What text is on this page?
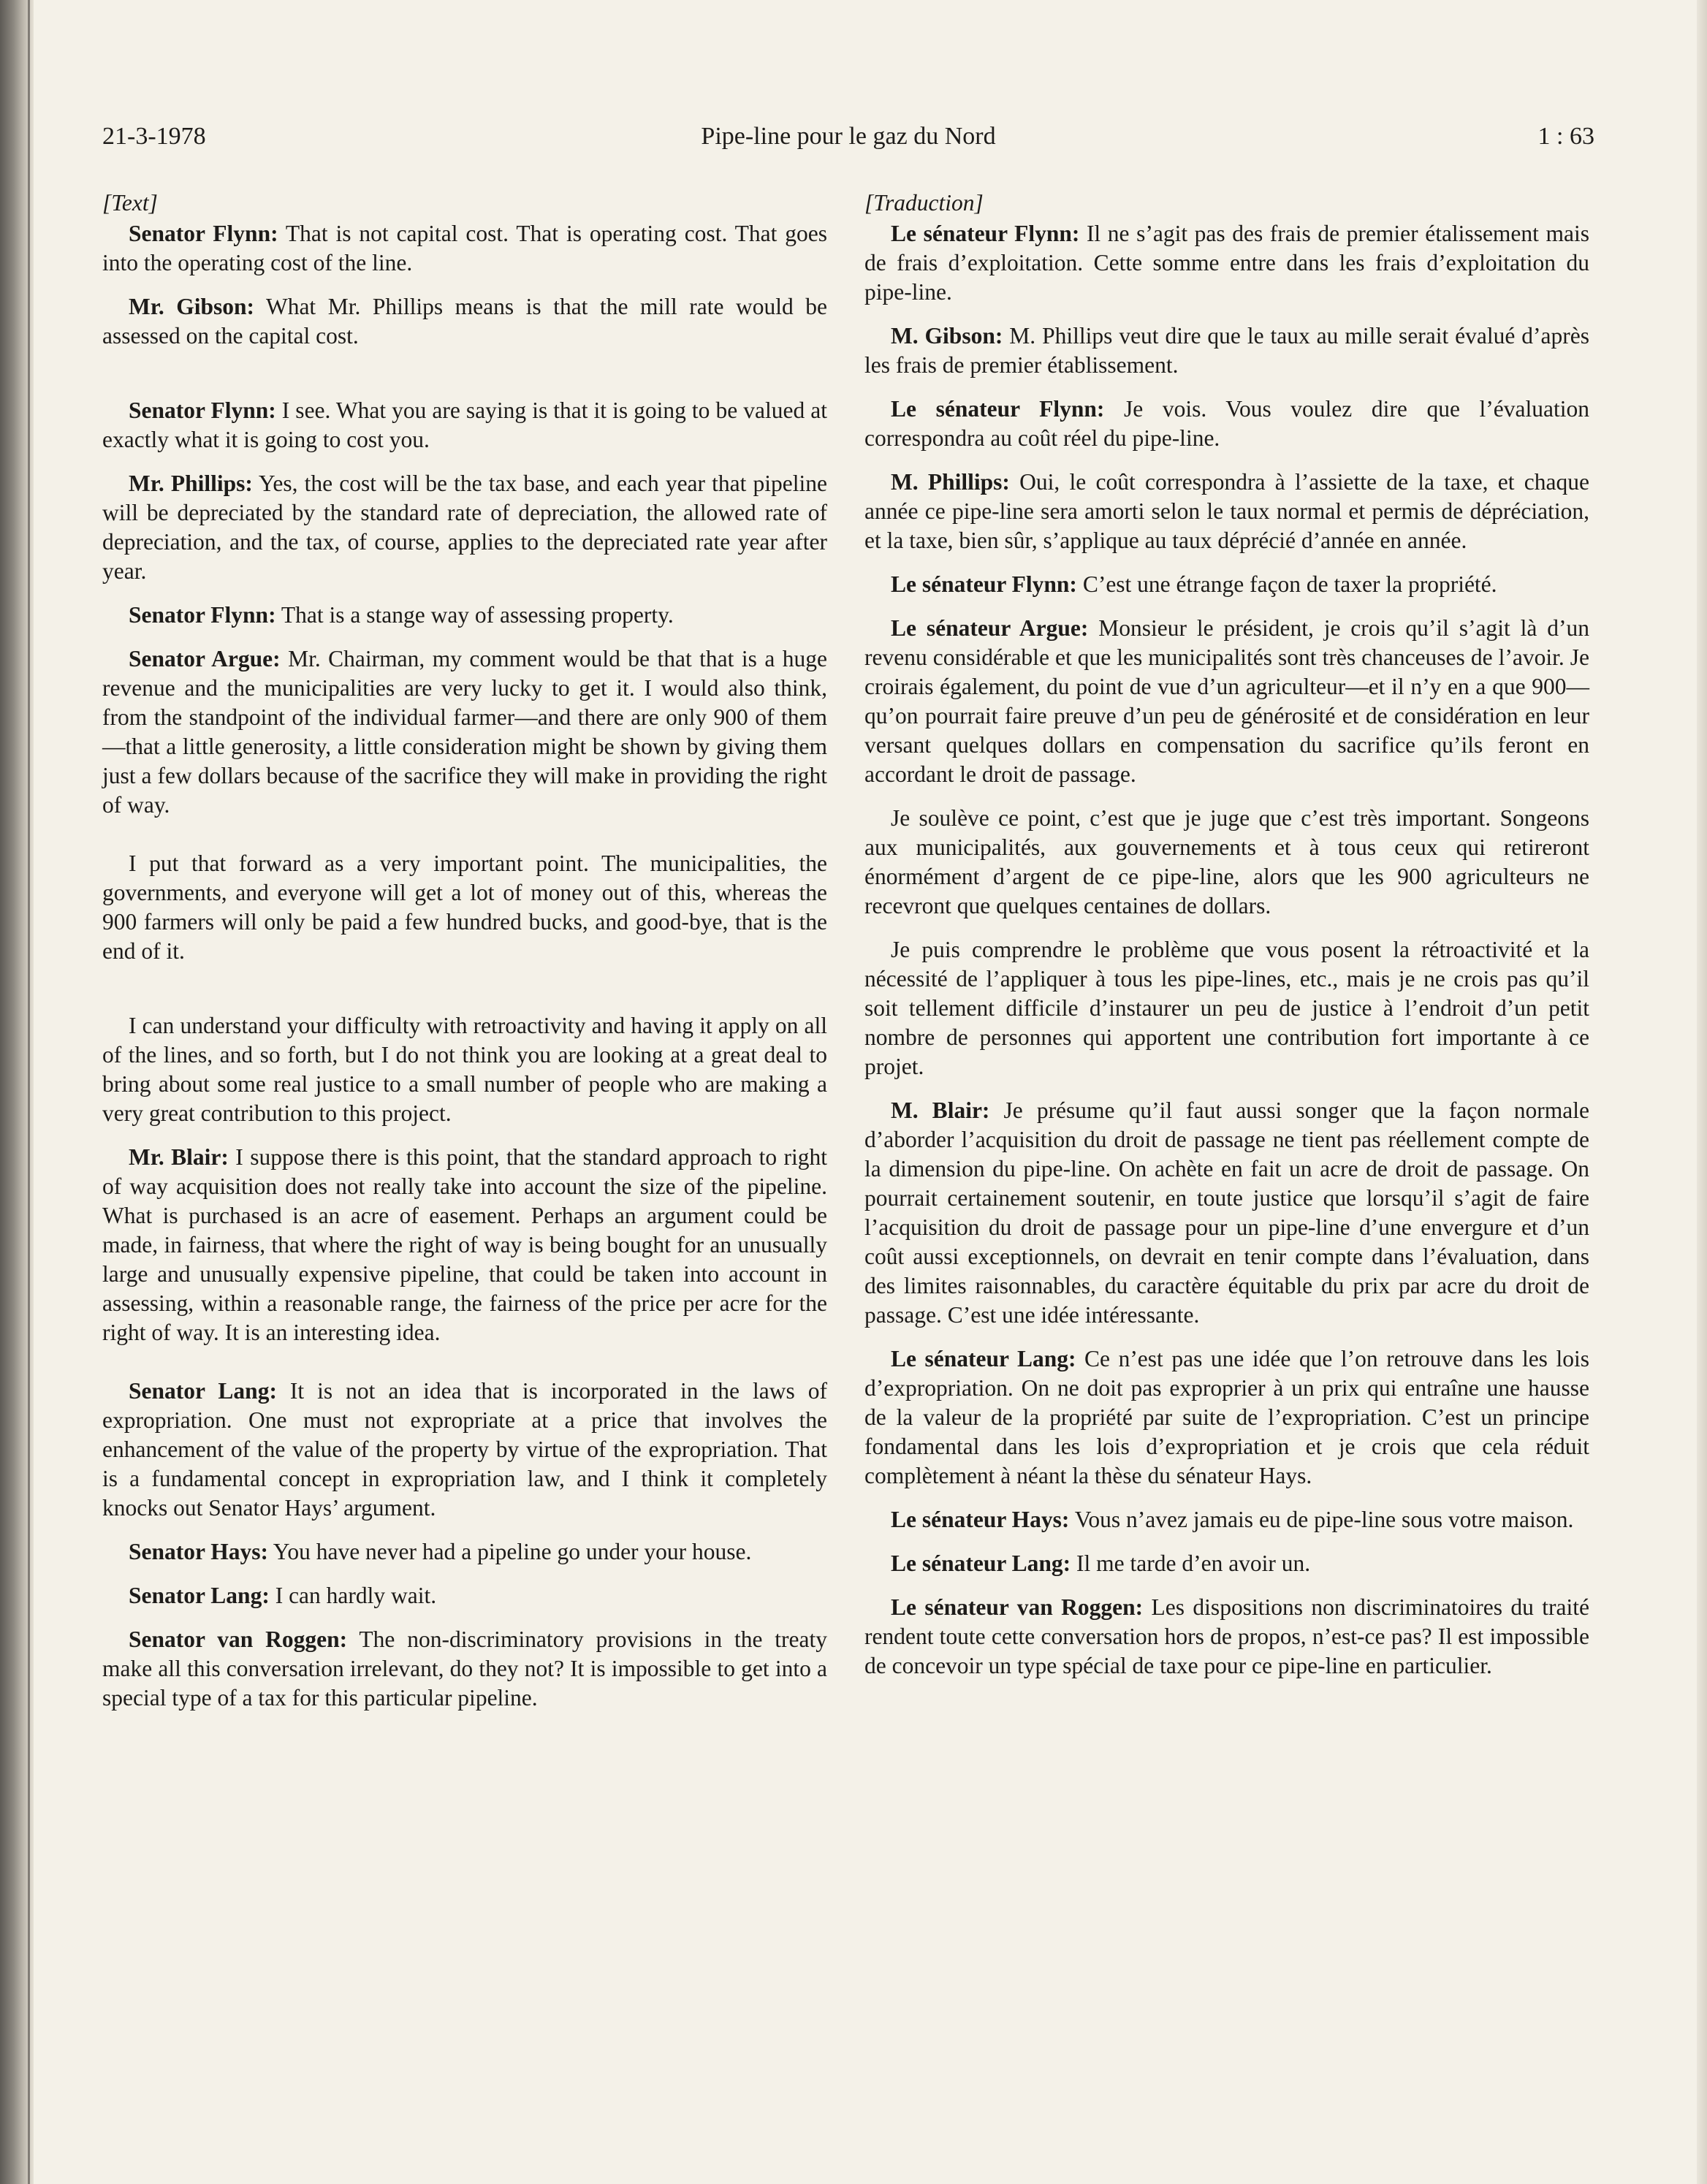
21-3-1978	Pipe-line pour le gaz du Nord	1 : 63

[Text]

Senator Flynn: That is not capital cost. That is operating cost. That goes into the operating cost of the line.

Mr. Gibson: What Mr. Phillips means is that the mill rate would be assessed on the capital cost.

Senator Flynn: I see. What you are saying is that it is going to be valued at exactly what it is going to cost you.

Mr. Phillips: Yes, the cost will be the tax base, and each year that pipeline will be depreciated by the standard rate of depreciation, the allowed rate of depreciation, and the tax, of course, applies to the depreciated rate year after year.

Senator Flynn: That is a stange way of assessing property.

Senator Argue: Mr. Chairman, my comment would be that that is a huge revenue and the municipalities are very lucky to get it. I would also think, from the standpoint of the individual farmer—and there are only 900 of them—that a little generosity, a little consideration might be shown by giving them just a few dollars because of the sacrifice they will make in providing the right of way.

I put that forward as a very important point. The municipalities, the governments, and everyone will get a lot of money out of this, whereas the 900 farmers will only be paid a few hundred bucks, and good-bye, that is the end of it.

I can understand your difficulty with retroactivity and having it apply on all of the lines, and so forth, but I do not think you are looking at a great deal to bring about some real justice to a small number of people who are making a very great contribution to this project.

Mr. Blair: I suppose there is this point, that the standard approach to right of way acquisition does not really take into account the size of the pipeline. What is purchased is an acre of easement. Perhaps an argument could be made, in fairness, that where the right of way is being bought for an unusually large and unusually expensive pipeline, that could be taken into account in assessing, within a reasonable range, the fairness of the price per acre for the right of way. It is an interesting idea.

Senator Lang: It is not an idea that is incorporated in the laws of expropriation. One must not expropriate at a price that involves the enhancement of the value of the property by virtue of the expropriation. That is a fundamental concept in expropriation law, and I think it completely knocks out Senator Hays’ argument.

Senator Hays: You have never had a pipeline go under your house.

Senator Lang: I can hardly wait.

Senator van Roggen: The non-discriminatory provisions in the treaty make all this conversation irrelevant, do they not? It is impossible to get into a special type of a tax for this particular pipeline.

[Traduction]

Le sénateur Flynn: Il ne s’agit pas des frais de premier étalissement mais de frais d’exploitation. Cette somme entre dans les frais d’exploitation du pipe-line.

M. Gibson: M. Phillips veut dire que le taux au mille serait évalué d’après les frais de premier établissement.

Le sénateur Flynn: Je vois. Vous voulez dire que l’évaluation correspondra au coût réel du pipe-line.

M. Phillips: Oui, le coût correspondra à l’assiette de la taxe, et chaque année ce pipe-line sera amorti selon le taux normal et permis de dépréciation, et la taxe, bien sûr, s’applique au taux déprécié d’année en année.

Le sénateur Flynn: C’est une étrange façon de taxer la propriété.

Le sénateur Argue: Monsieur le président, je crois qu’il s’agit là d’un revenu considérable et que les municipalités sont très chanceuses de l’avoir. Je croirais également, du point de vue d’un agriculteur—et il n’y en a que 900—qu’on pourrait faire preuve d’un peu de générosité et de considération en leur versant quelques dollars en compensation du sacrifice qu’ils feront en accordant le droit de passage.

Je soulève ce point, c’est que je juge que c’est très important. Songeons aux municipalités, aux gouvernements et à tous ceux qui retireront énormément d’argent de ce pipe-line, alors que les 900 agriculteurs ne recevront que quelques centaines de dollars.

Je puis comprendre le problème que vous posent la rétroactivité et la nécessité de l’appliquer à tous les pipe-lines, etc., mais je ne crois pas qu’il soit tellement difficile d’instaurer un peu de justice à l’endroit d’un petit nombre de personnes qui apportent une contribution fort importante à ce projet.

M. Blair: Je présume qu’il faut aussi songer que la façon normale d’aborder l’acquisition du droit de passage ne tient pas réellement compte de la dimension du pipe-line. On achète en fait un acre de droit de passage. On pourrait certainement soutenir, en toute justice que lorsqu’il s’agit de faire l’acquisition du droit de passage pour un pipe-line d’une envergure et d’un coût aussi exceptionnels, on devrait en tenir compte dans l’évaluation, dans des limites raisonnables, du caractère équitable du prix par acre du droit de passage. C’est une idée intéressante.

Le sénateur Lang: Ce n’est pas une idée que l’on retrouve dans les lois d’expropriation. On ne doit pas exproprier à un prix qui entraîne une hausse de la valeur de la propriété par suite de l’expropriation. C’est un principe fondamental dans les lois d’expropriation et je crois que cela réduit complètement à néant la thèse du sénateur Hays.

Le sénateur Hays: Vous n’avez jamais eu de pipe-line sous votre maison.

Le sénateur Lang: Il me tarde d’en avoir un.

Le sénateur van Roggen: Les dispositions non discriminatoires du traité rendent toute cette conversation hors de propos, n’est-ce pas? Il est impossible de concevoir un type spécial de taxe pour ce pipe-line en particulier.
